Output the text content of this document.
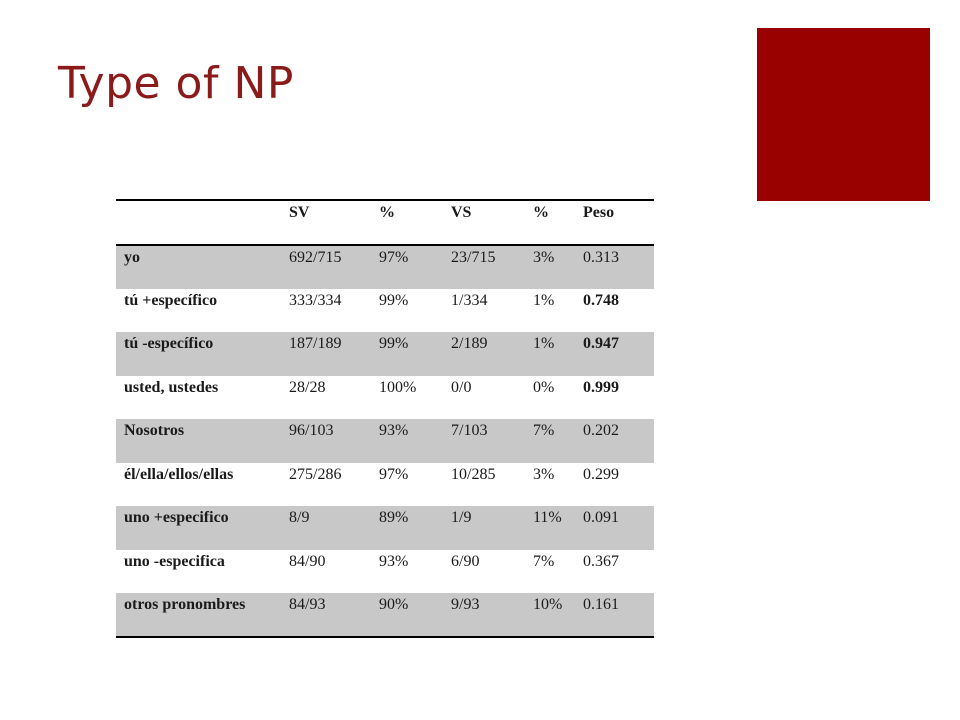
Type of NP
	SV	%	VS	%	Peso
yo	692/715	97%	23/715	3%	0.313
tú +específico	333/334	99%	1/334	1%	0.748
tú -específico	187/189	99%	2/189	1%	0.947
usted, ustedes	28/28	100%	0/0	0%	0.999
Nosotros	96/103	93%	7/103	7%	0.202
él/ella/ellos/ellas	275/286	97%	10/285	3%	0.299
uno +especifico	8/9	89%	1/9	11%	0.091
uno -especifica	84/90	93%	6/90	7%	0.367
otros pronombres	84/93	90%	9/93	10%	0.161
